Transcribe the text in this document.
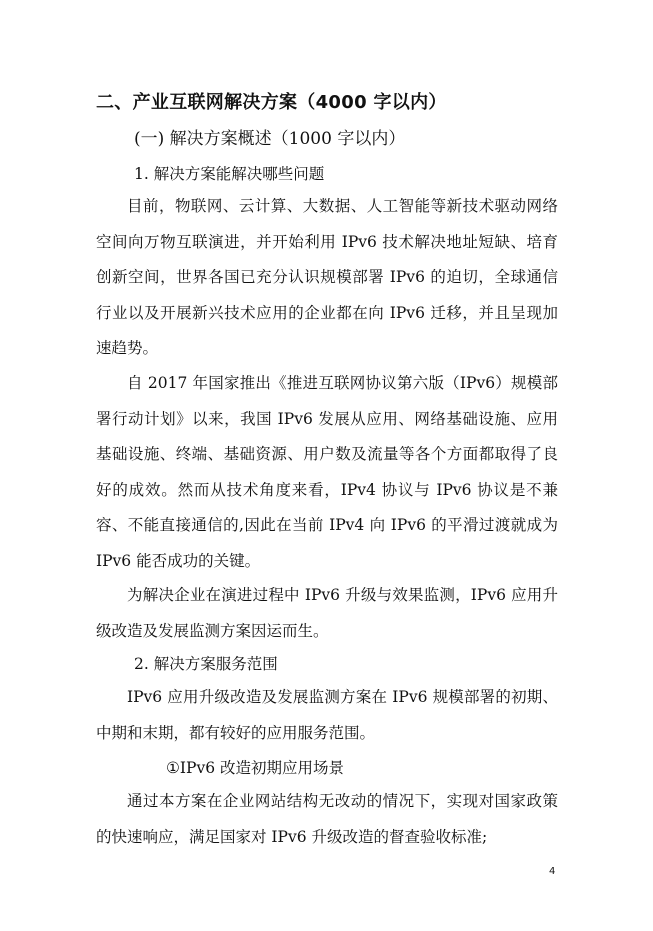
二、产业互联网解决方案（4000 字以内）
(一) 解决方案概述（1000 字以内）
1. 解决方案能解决哪些问题
目前，物联网、云计算、大数据、人工智能等新技术驱动网络空间向万物互联演进，并开始利用 IPv6 技术解决地址短缺、培育创新空间，世界各国已充分认识规模部署 IPv6 的迫切，全球通信行业以及开展新兴技术应用的企业都在向 IPv6 迁移，并且呈现加速趋势。
自 2017 年国家推出《推进互联网协议第六版（IPv6）规模部署行动计划》以来，我国 IPv6 发展从应用、网络基础设施、应用基础设施、终端、基础资源、用户数及流量等各个方面都取得了良好的成效。然而从技术角度来看，IPv4 协议与 IPv6 协议是不兼容、不能直接通信的,因此在当前 IPv4 向 IPv6 的平滑过渡就成为 IPv6 能否成功的关键。
为解决企业在演进过程中 IPv6 升级与效果监测，IPv6 应用升级改造及发展监测方案因运而生。
2. 解决方案服务范围
IPv6 应用升级改造及发展监测方案在 IPv6 规模部署的初期、中期和末期，都有较好的应用服务范围。
①IPv6 改造初期应用场景
通过本方案在企业网站结构无改动的情况下，实现对国家政策的快速响应，满足国家对 IPv6 升级改造的督查验收标准;
4
